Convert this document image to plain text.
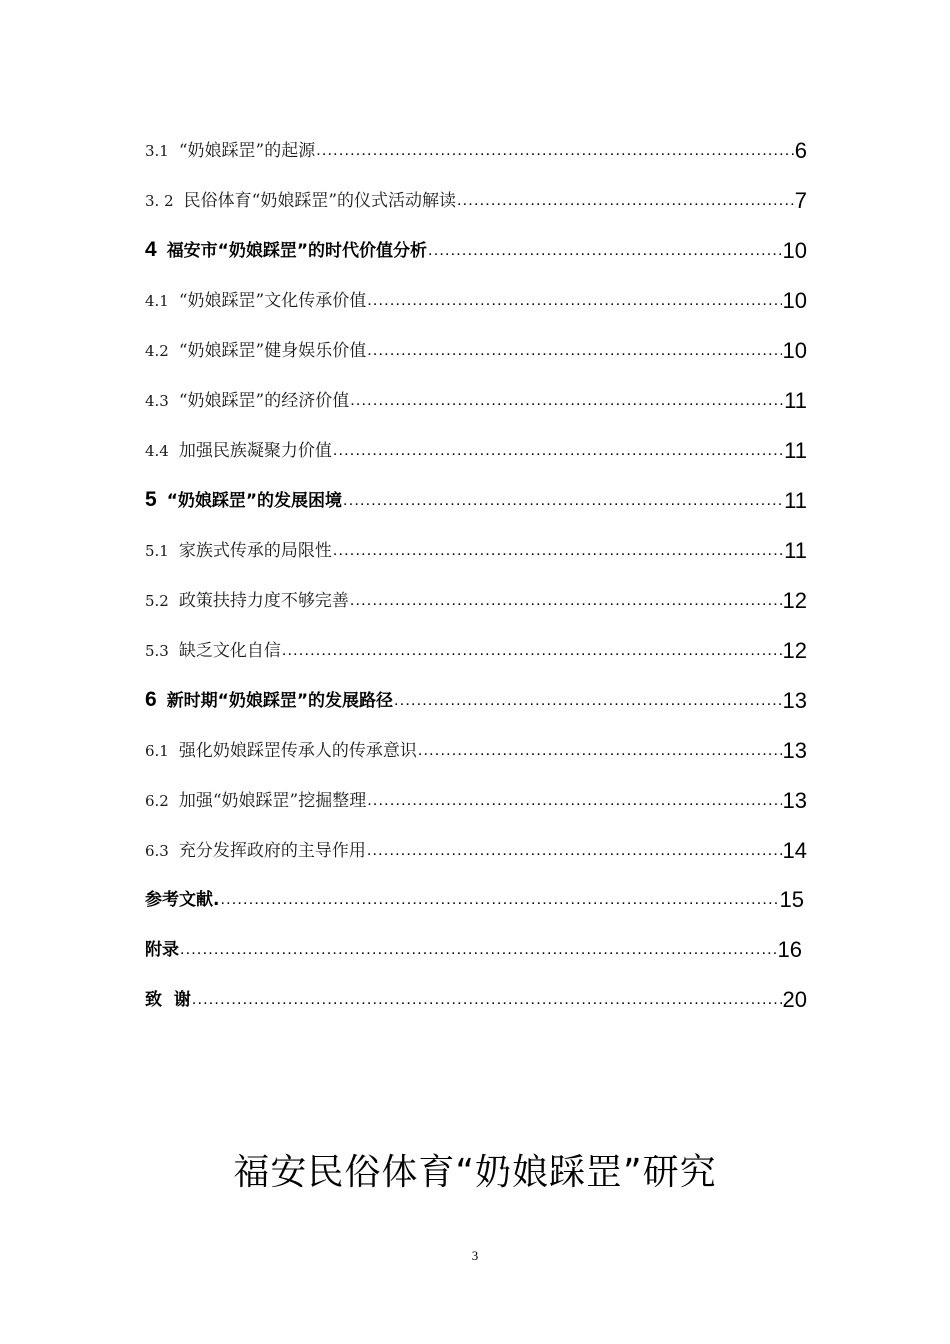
3.1 “奶娘踩罡”的起源 .....	6
3. 2 民俗体育“奶娘踩罡”的仪式活动解读 .....	7
4 福安市“奶娘踩罡”的时代价值分析 .....	10
4.1 “奶娘踩罡”文化传承价值 .....	10
4.2 “奶娘踩罡”健身娱乐价值 .....	10
4.3 “奶娘踩罡”的经济价值 .....	11
4.4 加强民族凝聚力价值 .....	11
5 “奶娘踩罡”的发展困境 .....	11
5.1 家族式传承的局限性 .....	11
5.2 政策扶持力度不够完善 .....	12
5.3 缺乏文化自信 .....	12
6 新时期“奶娘踩罡”的发展路径 .....	13
6.1 强化奶娘踩罡传承人的传承意识 .....	13
6.2 加强“奶娘踩罡”挖掘整理 .....	13
6.3 充分发挥政府的主导作用 .....	14
参考文献. .....	15
附录 .....	16
致  谢 .....	20
福安民俗体育“奶娘踩罡”研究
3
